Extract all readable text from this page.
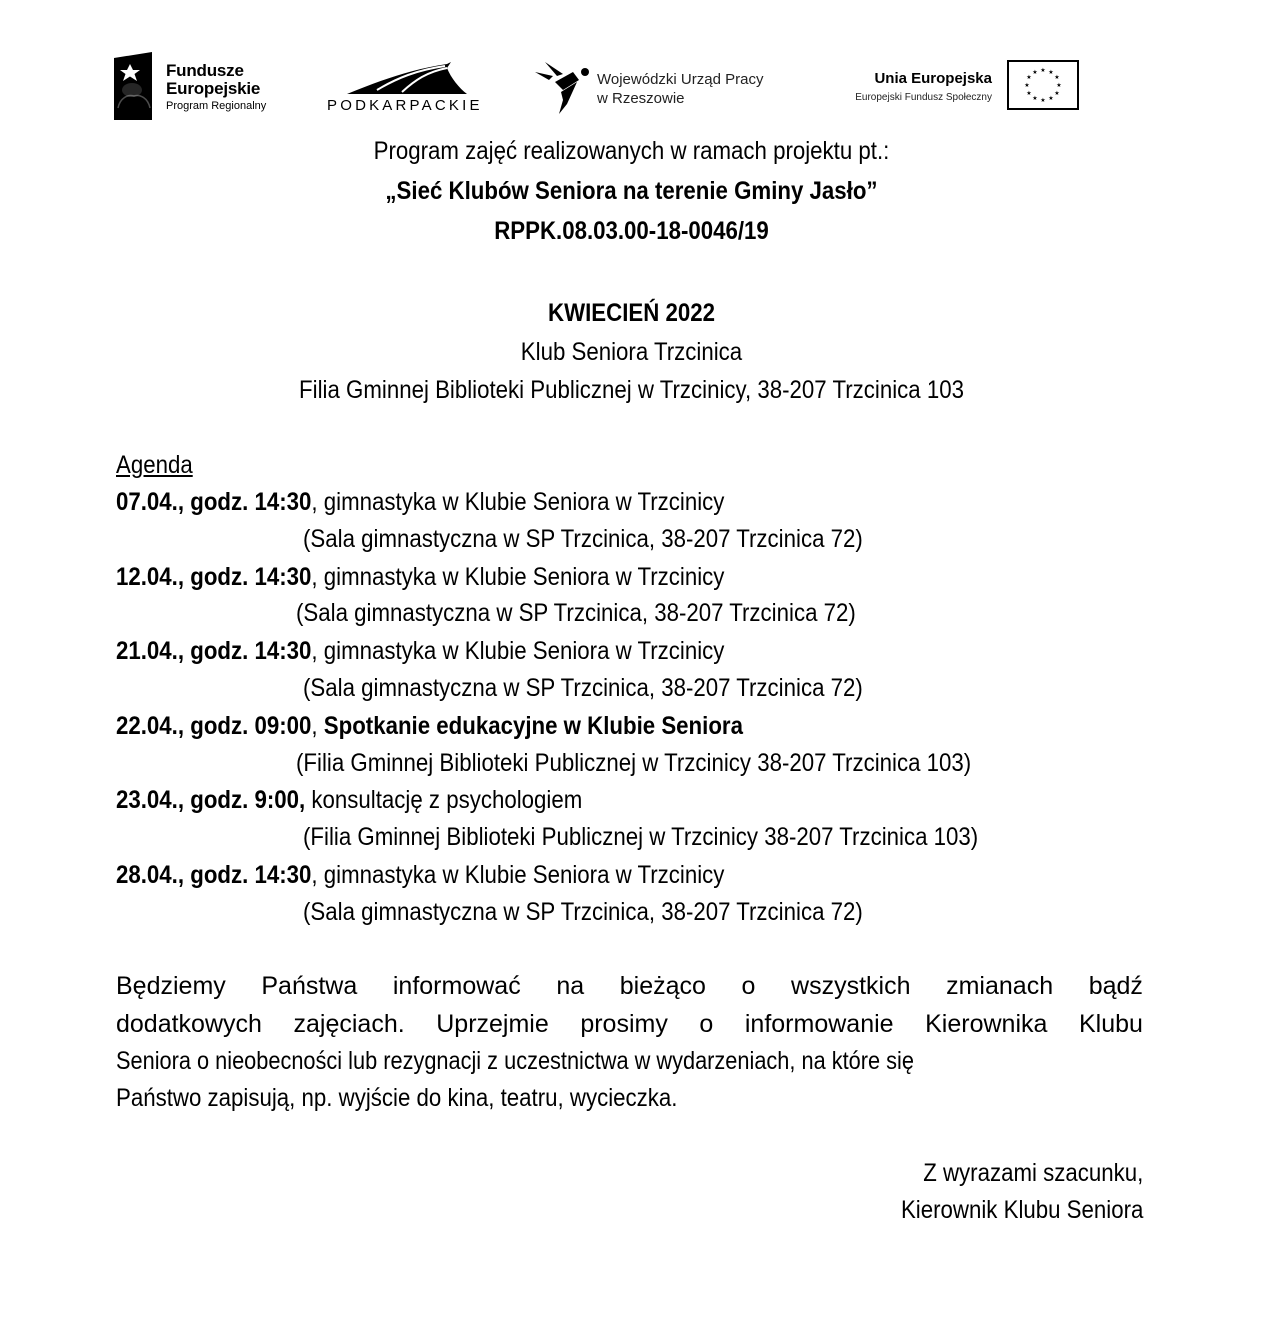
Fundusze
Europejskie
Program Regionalny	PODKARPACKIE
Wojewódzki Urząd Pracy
w Rzeszowie
Unia Europejska
Europejski Fundusz Społeczny
★ ★
★
★
★
★
★
★
★
★
★
★
Program zajęć realizowanych w ramach projektu pt.:
„Sieć Klubów Seniora na terenie Gminy Jasło”
RPPK.08.03.00-18-0046/19
KWIECIEŃ 2022
Klub Seniora Trzcinica
Filia Gminnej Biblioteki Publicznej w Trzcinicy, 38-207 Trzcinica 103
Agenda
07.04., godz. 14:30, gimnastyka w Klubie Seniora w Trzcinicy
(Sala gimnastyczna w SP Trzcinica, 38-207 Trzcinica 72)
12.04., godz. 14:30, gimnastyka w Klubie Seniora w Trzcinicy
(Sala gimnastyczna w SP Trzcinica, 38-207 Trzcinica 72)
21.04., godz. 14:30, gimnastyka w Klubie Seniora w Trzcinicy
(Sala gimnastyczna w SP Trzcinica, 38-207 Trzcinica 72)
22.04., godz. 09:00, Spotkanie edukacyjne w Klubie Seniora
(Filia Gminnej Biblioteki Publicznej w Trzcinicy 38-207 Trzcinica 103)
23.04., godz. 9:00, konsultację z psychologiem
(Filia Gminnej Biblioteki Publicznej w Trzcinicy 38-207 Trzcinica 103)
28.04., godz. 14:30, gimnastyka w Klubie Seniora w Trzcinicy
(Sala gimnastyczna w SP Trzcinica, 38-207 Trzcinica 72)
Będziemy Państwa informować na bieżąco o wszystkich zmianach bądź
dodatkowych zajęciach. Uprzejmie prosimy o informowanie Kierownika Klubu
Seniora o nieobecności lub rezygnacji z uczestnictwa w wydarzeniach, na które się
Państwo zapisują, np. wyjście do kina, teatru, wycieczka.
Z wyrazami szacunku,
Kierownik Klubu Seniora
